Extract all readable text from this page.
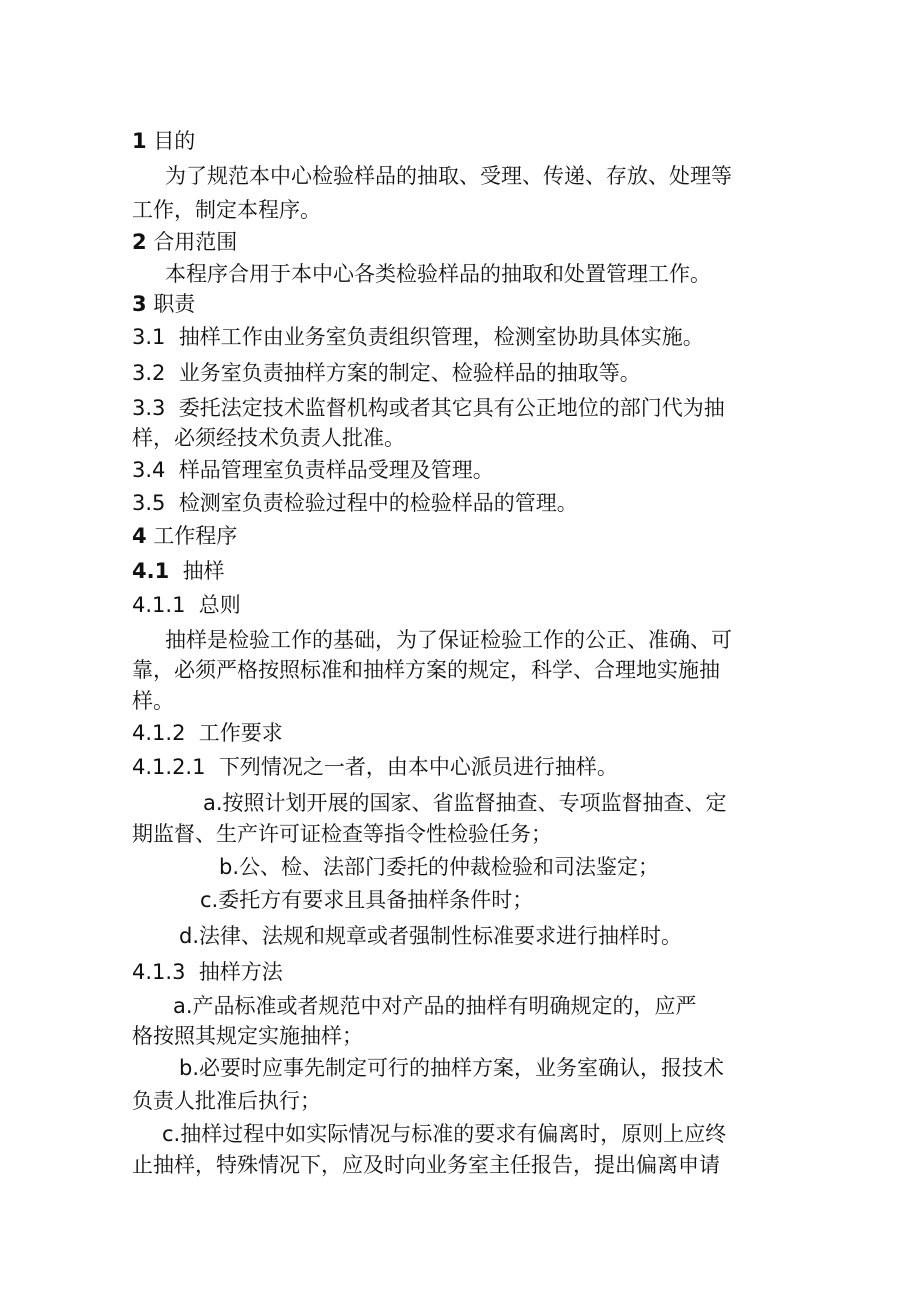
1 目的

为了规范本中心检验样品的抽取、受理、传递、存放、处理等

工作，制定本程序。

2 合用范围

本程序合用于本中心各类检验样品的抽取和处置管理工作。

3 职责

3.1 抽样工作由业务室负责组织管理，检测室协助具体实施。

3.2 业务室负责抽样方案的制定、检验样品的抽取等。

3.3 委托法定技术监督机构或者其它具有公正地位的部门代为抽

样，必须经技术负责人批准。

3.4 样品管理室负责样品受理及管理。

3.5 检测室负责检验过程中的检验样品的管理。

4 工作程序

4.1 抽样

4.1.1 总则

抽样是检验工作的基础，为了保证检验工作的公正、准确、可

靠，必须严格按照标准和抽样方案的规定，科学、合理地实施抽

样。

4.1.2 工作要求

4.1.2.1 下列情况之一者，由本中心派员进行抽样。

a.按照计划开展的国家、省监督抽查、专项监督抽查、定

期监督、生产许可证检查等指令性检验任务；

b.公、检、法部门委托的仲裁检验和司法鉴定；

c.委托方有要求且具备抽样条件时；

d.法律、法规和规章或者强制性标准要求进行抽样时。

4.1.3 抽样方法

a.产品标准或者规范中对产品的抽样有明确规定的，应严

格按照其规定实施抽样；

b.必要时应事先制定可行的抽样方案，业务室确认，报技术

负责人批准后执行；

c.抽样过程中如实际情况与标准的要求有偏离时，原则上应终

止抽样，特殊情况下，应及时向业务室主任报告，提出偏离申请
